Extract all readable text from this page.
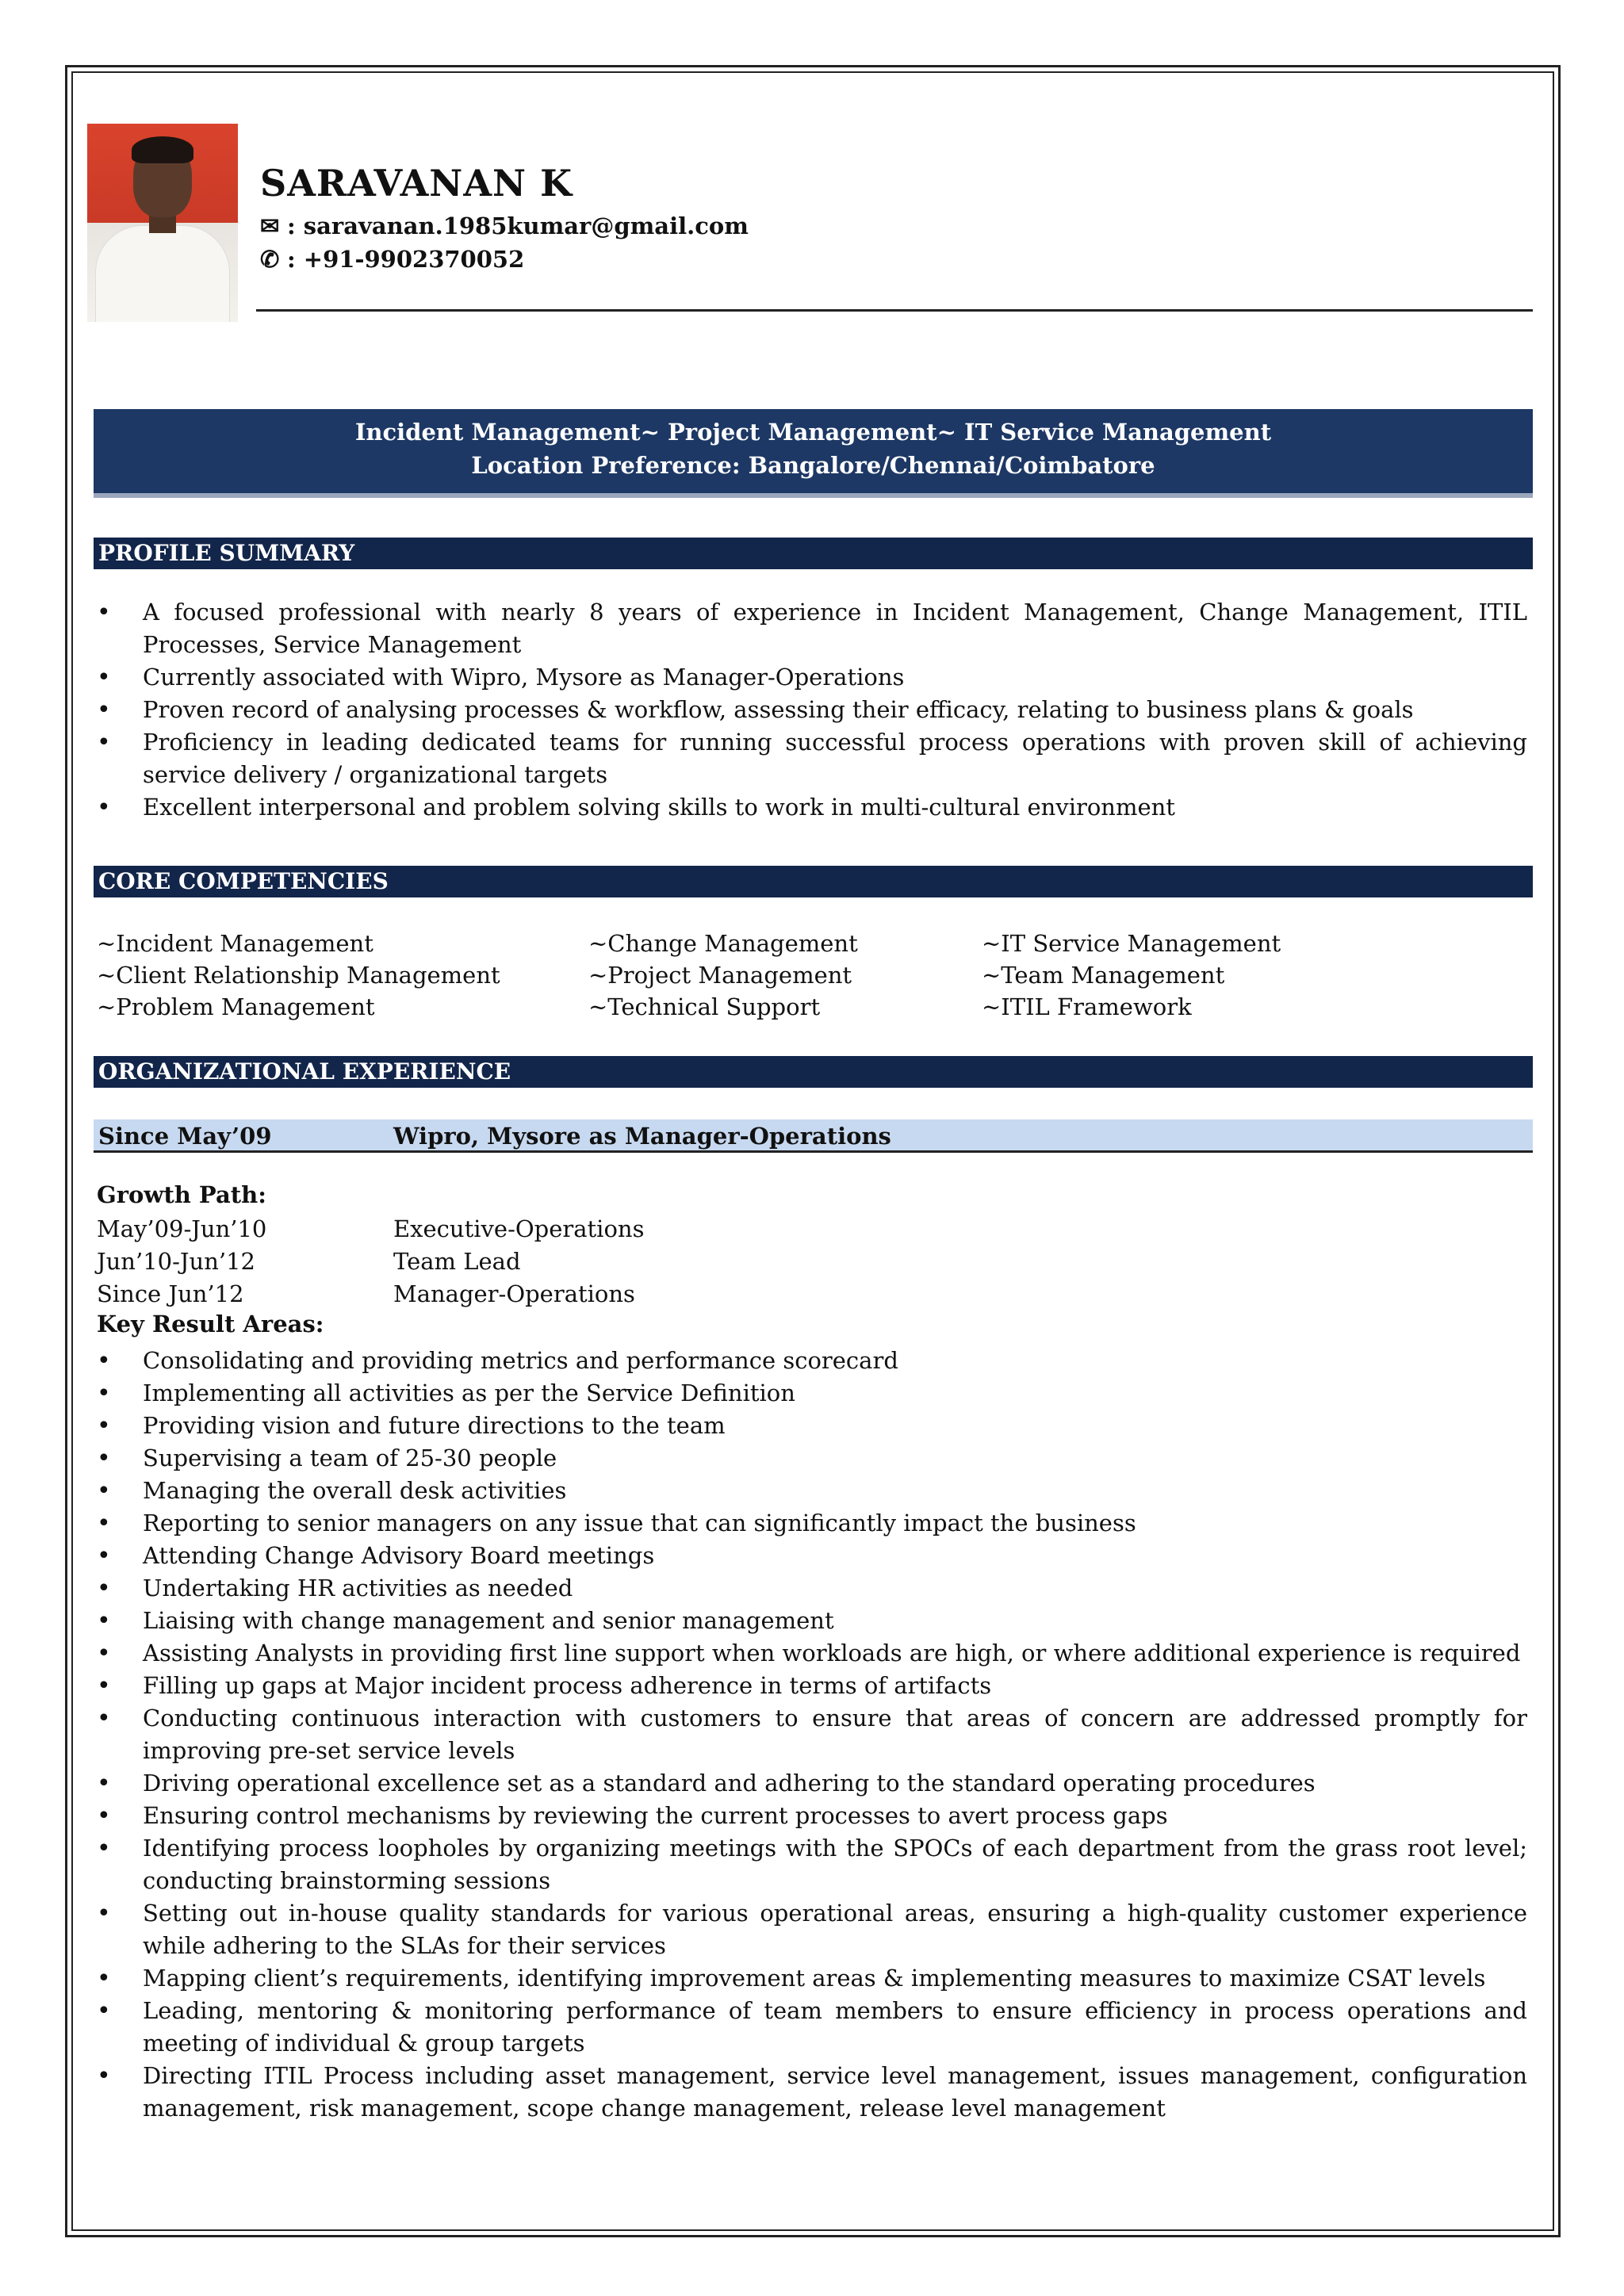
SARAVANAN K
✉ : saravanan.1985kumar@gmail.com
✆ : +91-9902370052
Incident Management~ Project Management~ IT Service Management
Location Preference: Bangalore/Chennai/Coimbatore
PROFILE SUMMARY
• A focused professional with nearly 8 years of experience in Incident Management, Change Management, ITIL Processes, Service Management
• Currently associated with Wipro, Mysore as Manager-Operations
• Proven record of analysing processes & workflow, assessing their efficacy, relating to business plans & goals
• Proficiency in leading dedicated teams for running successful process operations with proven skill of achieving service delivery / organizational targets
• Excellent interpersonal and problem solving skills to work in multi-cultural environment
CORE COMPETENCIES
~Incident Management	~Change Management	~IT Service Management
~Client Relationship Management	~Project Management	~Team Management
~Problem Management	~Technical Support	~ITIL Framework
ORGANIZATIONAL EXPERIENCE
Since May’09	Wipro, Mysore as Manager-Operations
Growth Path:
May’09-Jun’10	Executive-Operations
Jun’10-Jun’12	Team Lead
Since Jun’12	Manager-Operations
Key Result Areas:
• Consolidating and providing metrics and performance scorecard
• Implementing all activities as per the Service Definition
• Providing vision and future directions to the team
• Supervising a team of 25-30 people
• Managing the overall desk activities
• Reporting to senior managers on any issue that can significantly impact the business
• Attending Change Advisory Board meetings
• Undertaking HR activities as needed
• Liaising with change management and senior management
• Assisting Analysts in providing first line support when workloads are high, or where additional experience is required
• Filling up gaps at Major incident process adherence in terms of artifacts
• Conducting continuous interaction with customers to ensure that areas of concern are addressed promptly for improving pre-set service levels
• Driving operational excellence set as a standard and adhering to the standard operating procedures
• Ensuring control mechanisms by reviewing the current processes to avert process gaps
• Identifying process loopholes by organizing meetings with the SPOCs of each department from the grass root level; conducting brainstorming sessions
• Setting out in-house quality standards for various operational areas, ensuring a high-quality customer experience while adhering to the SLAs for their services
• Mapping client’s requirements, identifying improvement areas & implementing measures to maximize CSAT levels
• Leading, mentoring & monitoring performance of team members to ensure efficiency in process operations and meeting of individual & group targets
• Directing ITIL Process including asset management, service level management, issues management, configuration management, risk management, scope change management, release level management
